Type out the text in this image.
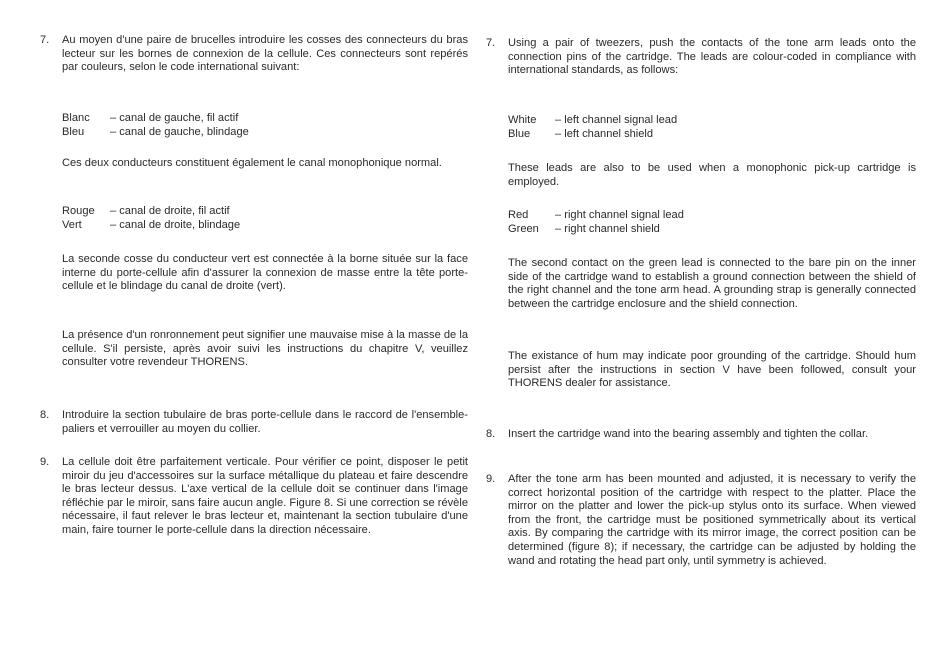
7. Au moyen d'une paire de brucelles introduire les cosses des connecteurs du bras lecteur sur les bornes de connexion de la cellule. Ces connecteurs sont repérés par couleurs, selon le code international suivant:

Blanc	– canal de gauche, fil actif
Bleu	– canal de gauche, blindage

Ces deux conducteurs constituent également le canal monophonique normal.

Rouge	– canal de droite, fil actif
Vert	– canal de droite, blindage

La seconde cosse du conducteur vert est connectée à la borne située sur la face interne du porte-cellule afin d'assurer la connexion de masse entre la tête porte-cellule et le blindage du canal de droite (vert).

La présence d'un ronronnement peut signifier une mauvaise mise à la masse de la cellule. S'il persiste, après avoir suivi les instructions du chapitre V, veuillez consulter votre revendeur THORENS.

8. Introduire la section tubulaire de bras porte-cellule dans le raccord de l'ensemble-paliers et verrouiller au moyen du collier.

9. La cellule doit être parfaitement verticale. Pour vérifier ce point, disposer le petit miroir du jeu d'accessoires sur la surface métallique du plateau et faire descendre le bras lecteur dessus. L'axe vertical de la cellule doit se continuer dans l'image réfléchie par le miroir, sans faire aucun angle. Figure 8. Si une correction se révèle nécessaire, il faut relever le bras lecteur et, maintenant la section tubulaire d'une main, faire tourner le porte-cellule dans la direction nécessaire.

7. Using a pair of tweezers, push the contacts of the tone arm leads onto the connection pins of the cartridge. The leads are colour-coded in compliance with international standards, as follows:

White	– left channel signal lead
Blue	– left channel shield

These leads are also to be used when a monophonic pick-up cartridge is employed.

Red	– right channel signal lead
Green	– right channel shield

The second contact on the green lead is connected to the bare pin on the inner side of the cartridge wand to establish a ground connection between the shield of the right channel and the tone arm head. A grounding strap is generally connected between the cartridge enclosure and the shield connection.

The existance of hum may indicate poor grounding of the cartridge. Should hum persist after the instructions in section V have been followed, consult your THORENS dealer for assistance.

8. Insert the cartridge wand into the bearing assembly and tighten the collar.

9. After the tone arm has been mounted and adjusted, it is necessary to verify the correct horizontal position of the cartridge with respect to the platter. Place the mirror on the platter and lower the pick-up stylus onto its surface. When viewed from the front, the cartridge must be positioned symmetrically about its vertical axis. By comparing the cartridge with its mirror image, the correct position can be determined (figure 8); if necessary, the cartridge can be adjusted by holding the wand and rotating the head part only, until symmetry is achieved.
